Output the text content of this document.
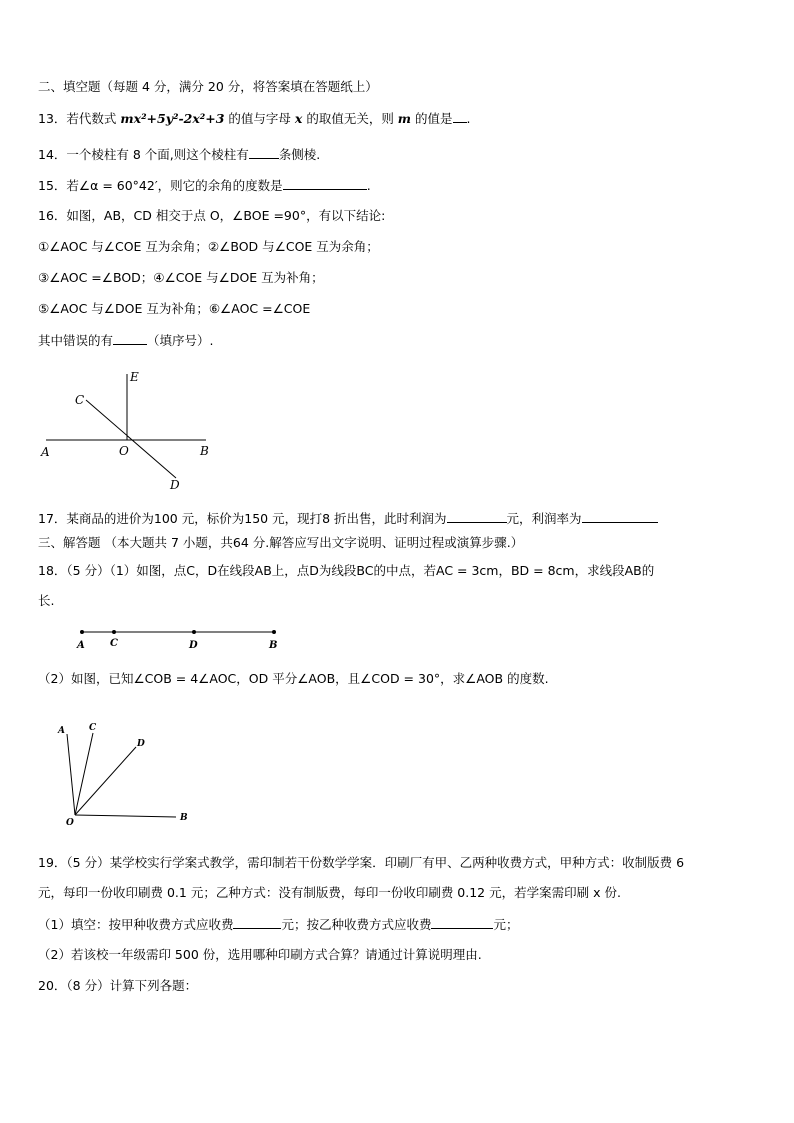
二、填空题（每题 4 分，满分 20 分，将答案填在答题纸上）
13．若代数式 mx²+5y²-2x²+3 的值与字母 x 的取值无关，则 m 的值是 .
14．一个棱柱有 8 个面,则这个棱柱有 条侧棱.
15．若∠α = 60°42′，则它的余角的度数是	.
16．如图，AB，CD 相交于点 O，∠BOE =90°，有以下结论:
①∠AOC 与∠COE 互为余角；②∠BOD 与∠COE 互为余角；
③∠AOC =∠BOD；④∠COE 与∠DOE 互为补角；
⑤∠AOC 与∠DOE 互为补角；⑥∠AOC =∠COE
其中错误的有	（填序号）.
E
C
A	O	B
D
17．某商品的进价为100 元，标价为150 元，现打8 折出售，此时利润为	元，利润率为
三、解答题 （本大题共 7 小题，共64 分.解答应写出文字说明、证明过程或演算步骤.）
18．（5 分）（1）如图，点C，D在线段AB上，点D为线段BC的中点，若AC = 3cm，BD = 8cm，求线段AB的
长.
A	C	D	B
（2）如图，已知∠COB = 4∠AOC，OD 平分∠AOB，且∠COD = 30°，求∠AOB 的度数.
A	C
D
O	B
19．（5 分）某学校实行学案式教学，需印制若干份数学学案．印刷厂有甲、乙两种收费方式，甲种方式：收制版费 6
元，每印一份收印刷费 0.1 元；乙种方式：没有制版费，每印一份收印刷费 0.12 元，若学案需印刷 x 份.
（1）填空：按甲种收费方式应收费	元；按乙种收费方式应收费	元；
（2）若该校一年级需印 500 份，选用哪种印刷方式合算？请通过计算说明理由.
20．（8 分）计算下列各题：
